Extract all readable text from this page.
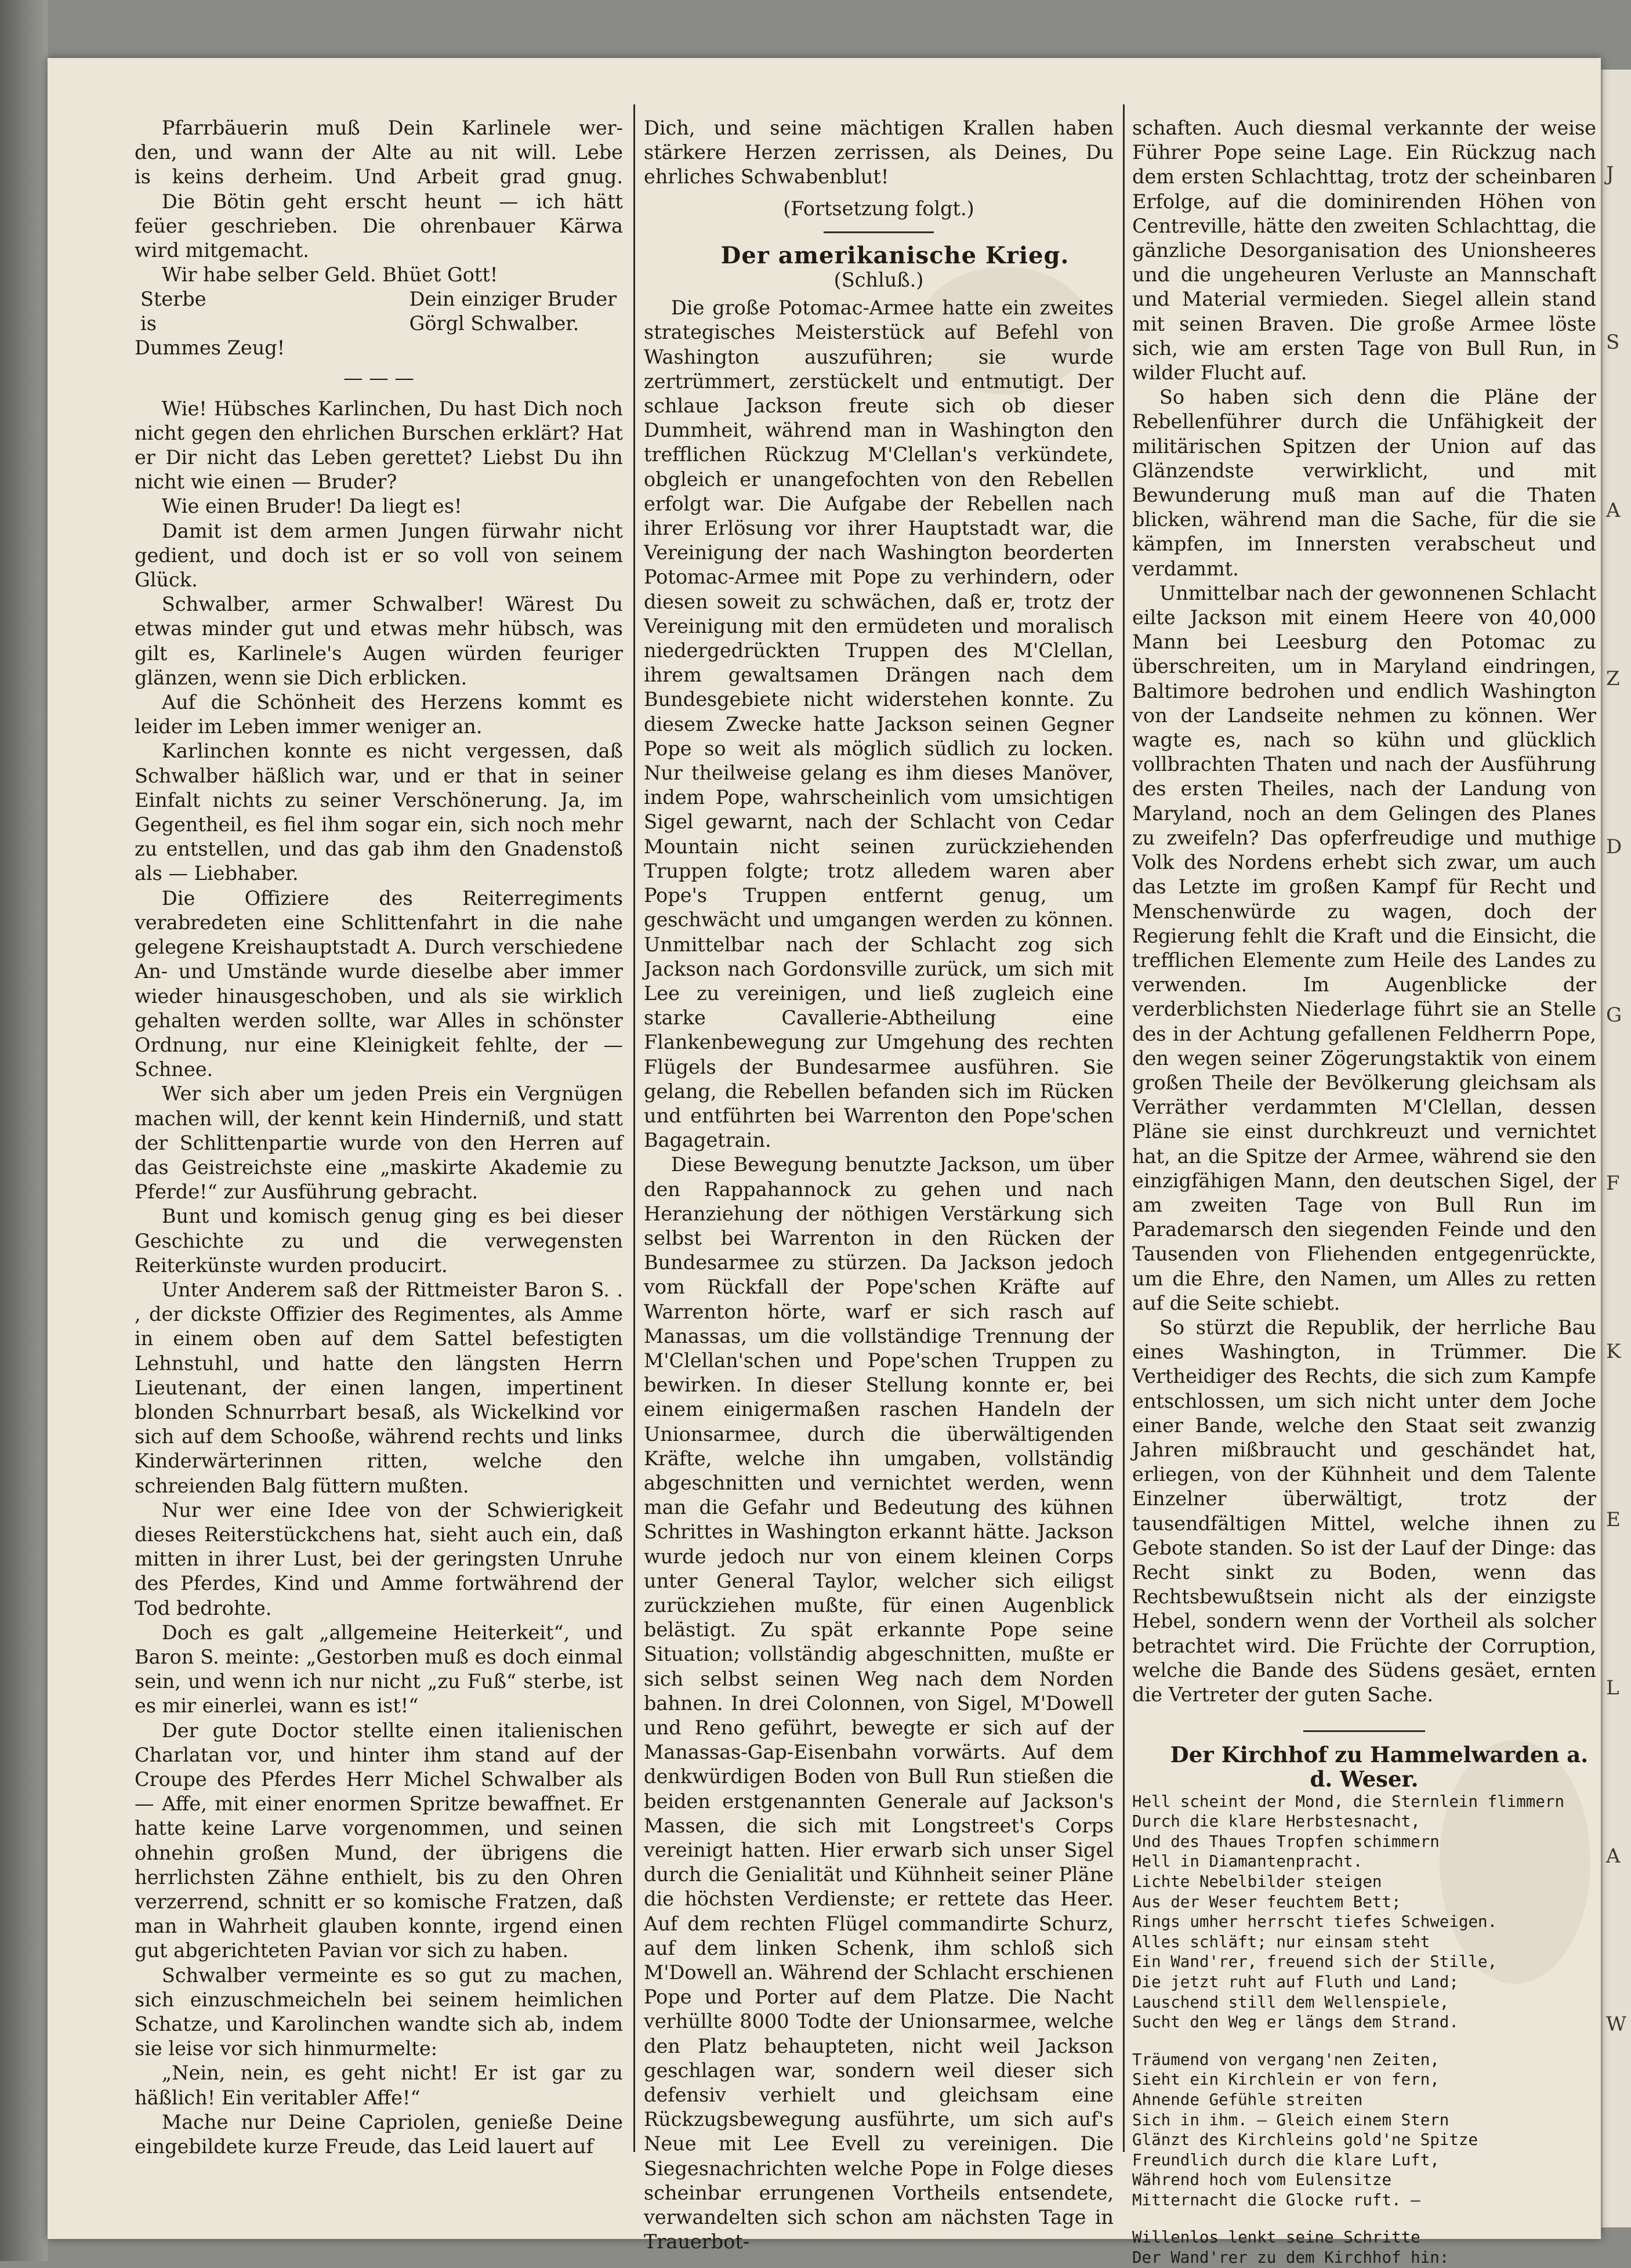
J
S
A
Z
D
G
F
K
E
L
A
W

Pfarrbäuerin muß Dein Karlinele wer-

den, und wann der Alte au nit will. Lebe

is keins derheim. Und Arbeit grad gnug.

Die Bötin geht erscht heunt — ich hätt

feüer geschrieben. Die ohrenbauer Kärwa

wird mitgemacht.

Wir habe selber Geld. Bhüet Gott!

Sterbe	Dein einziger Bruder
is	Görgl Schwalber.
Dummes Zeug!	

— — —

Wie! Hübsches Karlinchen, Du hast Dich noch nicht gegen den ehrlichen Burschen erklärt? Hat er Dir nicht das Leben gerettet? Liebst Du ihn nicht wie einen — Bruder?

Wie einen Bruder! Da liegt es!

Damit ist dem armen Jungen fürwahr nicht gedient, und doch ist er so voll von seinem Glück.

Schwalber, armer Schwalber! Wärest Du etwas minder gut und etwas mehr hübsch, was gilt es, Karlinele's Augen würden feuriger glänzen, wenn sie Dich erblicken.

Auf die Schönheit des Herzens kommt es leider im Leben immer weniger an.

Karlinchen konnte es nicht vergessen, daß Schwalber häßlich war, und er that in seiner Einfalt nichts zu seiner Verschönerung. Ja, im Gegentheil, es fiel ihm sogar ein, sich noch mehr zu entstellen, und das gab ihm den Gnadenstoß als — Liebhaber.

Die Offiziere des Reiterregiments verabredeten eine Schlittenfahrt in die nahe gelegene Kreishauptstadt A. Durch verschiedene An- und Umstände wurde dieselbe aber immer wieder hinausgeschoben, und als sie wirklich gehalten werden sollte, war Alles in schönster Ordnung, nur eine Kleinigkeit fehlte, der — Schnee.

Wer sich aber um jeden Preis ein Vergnügen machen will, der kennt kein Hinderniß, und statt der Schlittenpartie wurde von den Herren auf das Geistreichste eine „maskirte Akademie zu Pferde!“ zur Ausführung gebracht.

Bunt und komisch genug ging es bei dieser Geschichte zu und die verwegensten Reiterkünste wurden producirt.

Unter Anderem saß der Rittmeister Baron S. . , der dickste Offizier des Regimentes, als Amme in einem oben auf dem Sattel befestigten Lehnstuhl, und hatte den längsten Herrn Lieutenant, der einen langen, impertinent blonden Schnurrbart besaß, als Wickelkind vor sich auf dem Schooße, während rechts und links Kinderwärterinnen ritten, welche den schreienden Balg füttern mußten.

Nur wer eine Idee von der Schwierigkeit dieses Reiterstückchens hat, sieht auch ein, daß mitten in ihrer Lust, bei der geringsten Unruhe des Pferdes, Kind und Amme fortwährend der Tod bedrohte.

Doch es galt „allgemeine Heiterkeit“, und Baron S. meinte: „Gestorben muß es doch einmal sein, und wenn ich nur nicht „zu Fuß“ sterbe, ist es mir einerlei, wann es ist!“

Der gute Doctor stellte einen italienischen Charlatan vor, und hinter ihm stand auf der Croupe des Pferdes Herr Michel Schwalber als — Affe, mit einer enormen Spritze bewaffnet. Er hatte keine Larve vorgenommen, und seinen ohnehin großen Mund, der übrigens die herrlichsten Zähne enthielt, bis zu den Ohren verzerrend, schnitt er so komische Fratzen, daß man in Wahrheit glauben konnte, irgend einen gut abgerichteten Pavian vor sich zu haben.

Schwalber vermeinte es so gut zu machen, sich einzuschmeicheln bei seinem heimlichen Schatze, und Karolinchen wandte sich ab, indem sie leise vor sich hinmurmelte:

„Nein, nein, es geht nicht! Er ist gar zu häßlich! Ein veritabler Affe!“

Mache nur Deine Capriolen, genieße Deine eingebildete kurze Freude, das Leid lauert auf

Dich, und seine mächtigen Krallen haben stärkere Herzen zerrissen, als Deines, Du ehrliches Schwabenblut!

(Fortsetzung folgt.)

Der amerikanische Krieg.

(Schluß.)

Die große Potomac-Armee hatte ein zweites strategisches Meisterstück auf Befehl von Washington auszuführen; sie wurde zertrümmert, zerstückelt und entmutigt. Der schlaue Jackson freute sich ob dieser Dummheit, während man in Washington den trefflichen Rückzug M'Clellan's verkündete, obgleich er unangefochten von den Rebellen erfolgt war. Die Aufgabe der Rebellen nach ihrer Erlösung vor ihrer Hauptstadt war, die Vereinigung der nach Washington beorderten Potomac-Armee mit Pope zu verhindern, oder diesen soweit zu schwächen, daß er, trotz der Vereinigung mit den ermüdeten und moralisch niedergedrückten Truppen des M'Clellan, ihrem gewaltsamen Drängen nach dem Bundesgebiete nicht widerstehen konnte. Zu diesem Zwecke hatte Jackson seinen Gegner Pope so weit als möglich südlich zu locken. Nur theilweise gelang es ihm dieses Manöver, indem Pope, wahrscheinlich vom umsichtigen Sigel gewarnt, nach der Schlacht von Cedar Mountain nicht seinen zurückziehenden Truppen folgte; trotz alledem waren aber Pope's Truppen entfernt genug, um geschwächt und umgangen werden zu können. Unmittelbar nach der Schlacht zog sich Jackson nach Gordonsville zurück, um sich mit Lee zu vereinigen, und ließ zugleich eine starke Cavallerie-Abtheilung eine Flankenbewegung zur Umgehung des rechten Flügels der Bundesarmee ausführen. Sie gelang, die Rebellen befanden sich im Rücken und entführten bei Warrenton den Pope'schen Bagagetrain.

Diese Bewegung benutzte Jackson, um über den Rappahannock zu gehen und nach Heranziehung der nöthigen Verstärkung sich selbst bei Warrenton in den Rücken der Bundesarmee zu stürzen. Da Jackson jedoch vom Rückfall der Pope'schen Kräfte auf Warrenton hörte, warf er sich rasch auf Manassas, um die vollständige Trennung der M'Clellan'schen und Pope'schen Truppen zu bewirken. In dieser Stellung konnte er, bei einem einigermaßen raschen Handeln der Unionsarmee, durch die überwältigenden Kräfte, welche ihn umgaben, vollständig abgeschnitten und vernichtet werden, wenn man die Gefahr und Bedeutung des kühnen Schrittes in Washington erkannt hätte. Jackson wurde jedoch nur von einem kleinen Corps unter General Taylor, welcher sich eiligst zurückziehen mußte, für einen Augenblick belästigt. Zu spät erkannte Pope seine Situation; vollständig abgeschnitten, mußte er sich selbst seinen Weg nach dem Norden bahnen. In drei Colonnen, von Sigel, M'Dowell und Reno geführt, bewegte er sich auf der Manassas-Gap-Eisenbahn vorwärts. Auf dem denkwürdigen Boden von Bull Run stießen die beiden erstgenannten Generale auf Jackson's Massen, die sich mit Longstreet's Corps vereinigt hatten. Hier erwarb sich unser Sigel durch die Genialität und Kühnheit seiner Pläne die höchsten Verdienste; er rettete das Heer. Auf dem rechten Flügel commandirte Schurz, auf dem linken Schenk, ihm schloß sich M'Dowell an. Während der Schlacht erschienen Pope und Porter auf dem Platze. Die Nacht verhüllte 8000 Todte der Unionsarmee, welche den Platz behaupteten, nicht weil Jackson geschlagen war, sondern weil dieser sich defensiv verhielt und gleichsam eine Rückzugsbewegung ausführte, um sich auf's Neue mit Lee Evell zu vereinigen. Die Siegesnachrichten welche Pope in Folge dieses scheinbar errungenen Vortheils entsendete, verwandelten sich schon am nächsten Tage in Trauerbot-

schaften. Auch diesmal verkannte der weise Führer Pope seine Lage. Ein Rückzug nach dem ersten Schlachttag, trotz der scheinbaren Erfolge, auf die dominirenden Höhen von Centreville, hätte den zweiten Schlachttag, die gänzliche Desorganisation des Unionsheeres und die ungeheuren Verluste an Mannschaft und Material vermieden. Siegel allein stand mit seinen Braven. Die große Armee löste sich, wie am ersten Tage von Bull Run, in wilder Flucht auf.

So haben sich denn die Pläne der Rebellenführer durch die Unfähigkeit der militärischen Spitzen der Union auf das Glänzendste verwirklicht, und mit Bewunderung muß man auf die Thaten blicken, während man die Sache, für die sie kämpfen, im Innersten verabscheut und verdammt.

Unmittelbar nach der gewonnenen Schlacht eilte Jackson mit einem Heere von 40,000 Mann bei Leesburg den Potomac zu überschreiten, um in Maryland eindringen, Baltimore bedrohen und endlich Washington von der Landseite nehmen zu können. Wer wagte es, nach so kühn und glücklich vollbrachten Thaten und nach der Ausführung des ersten Theiles, nach der Landung von Maryland, noch an dem Gelingen des Planes zu zweifeln? Das opferfreudige und muthige Volk des Nordens erhebt sich zwar, um auch das Letzte im großen Kampf für Recht und Menschenwürde zu wagen, doch der Regierung fehlt die Kraft und die Einsicht, die trefflichen Elemente zum Heile des Landes zu verwenden. Im Augenblicke der verderblichsten Niederlage führt sie an Stelle des in der Achtung gefallenen Feldherrn Pope, den wegen seiner Zögerungstaktik von einem großen Theile der Bevölkerung gleichsam als Verräther verdammten M'Clellan, dessen Pläne sie einst durchkreuzt und vernichtet hat, an die Spitze der Armee, während sie den einzigfähigen Mann, den deutschen Sigel, der am zweiten Tage von Bull Run im Parademarsch den siegenden Feinde und den Tausenden von Fliehenden entgegenrückte, um die Ehre, den Namen, um Alles zu retten auf die Seite schiebt.

So stürzt die Republik, der herrliche Bau eines Washington, in Trümmer. Die Vertheidiger des Rechts, die sich zum Kampfe entschlossen, um sich nicht unter dem Joche einer Bande, welche den Staat seit zwanzig Jahren mißbraucht und geschändet hat, erliegen, von der Kühnheit und dem Talente Einzelner überwältigt, trotz der tausendfältigen Mittel, welche ihnen zu Gebote standen. So ist der Lauf der Dinge: das Recht sinkt zu Boden, wenn das Rechtsbewußtsein nicht als der einzigste Hebel, sondern wenn der Vortheil als solcher betrachtet wird. Die Früchte der Corruption, welche die Bande des Südens gesäet, ernten die Vertreter der guten Sache.

Der Kirchhof zu Hammelwarden a. d. Weser.

Hell scheint der Mond, die Sternlein flimmern
Durch die klare Herbstesnacht,
Und des Thaues Tropfen schimmern
Hell in Diamantenpracht.
Lichte Nebelbilder steigen
Aus der Weser feuchtem Bett;
Rings umher herrscht tiefes Schweigen.
Alles schläft; nur einsam steht
Ein Wand'rer, freuend sich der Stille,
Die jetzt ruht auf Fluth und Land;
Lauschend still dem Wellenspiele,
Sucht den Weg er längs dem Strand.
Träumend von vergang'nen Zeiten,
Sieht ein Kirchlein er von fern,
Ahnende Gefühle streiten
Sich in ihm. — Gleich einem Stern
Glänzt des Kirchleins gold'ne Spitze
Freundlich durch die klare Luft,
Während hoch vom Eulensitze
Mitternacht die Glocke ruft. —
Willenlos lenkt seine Schritte
Der Wand'rer zu dem Kirchhof hin:
